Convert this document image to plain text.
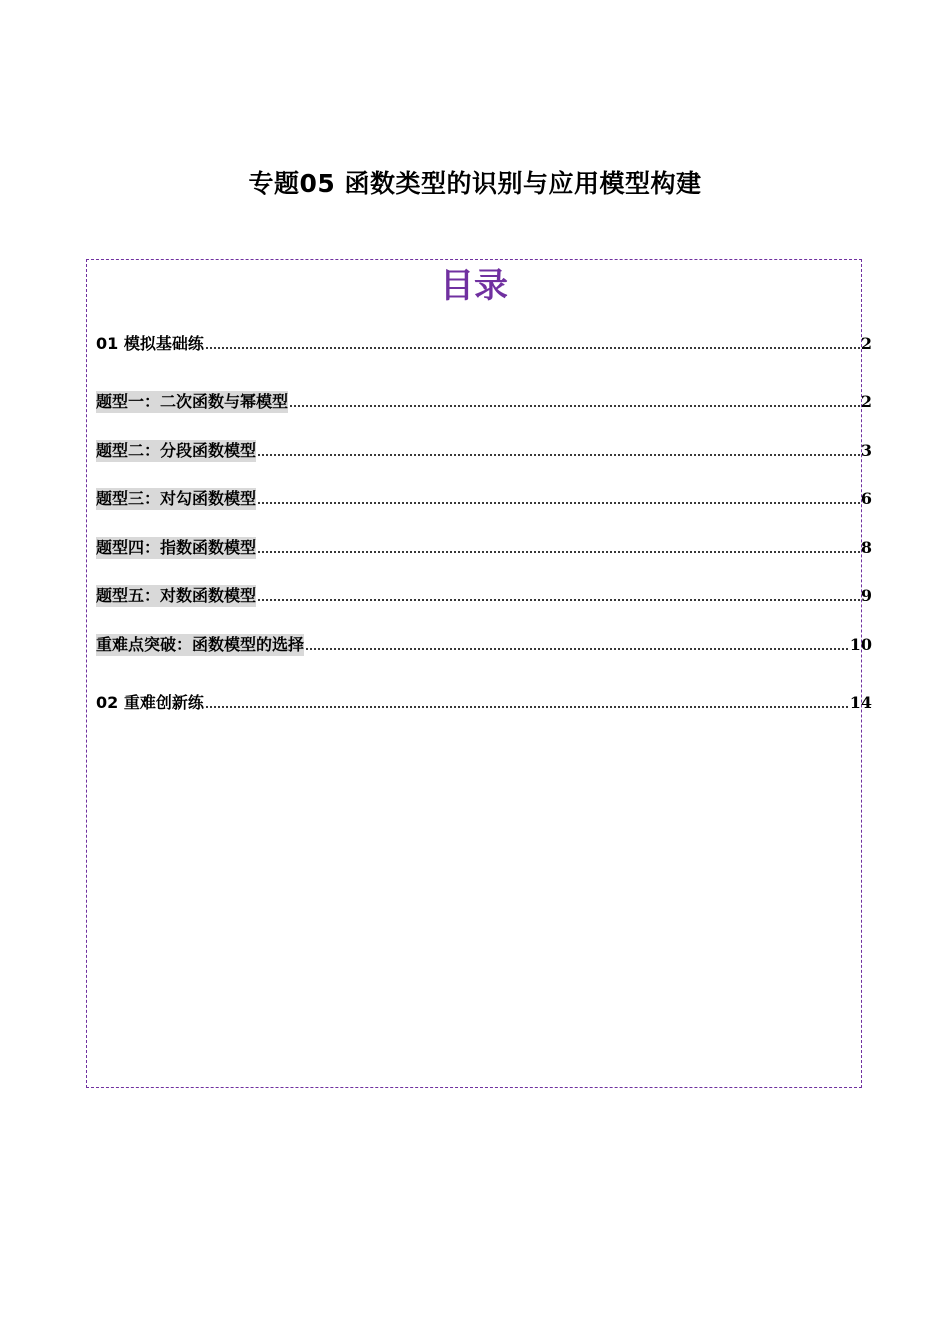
专题05 函数类型的识别与应用模型构建
目录
01 模拟基础练	2
题型一：二次函数与幂模型	2
题型二：分段函数模型	3
题型三：对勾函数模型	6
题型四：指数函数模型	8
题型五：对数函数模型	9
重难点突破：函数模型的选择	10
02 重难创新练	14
